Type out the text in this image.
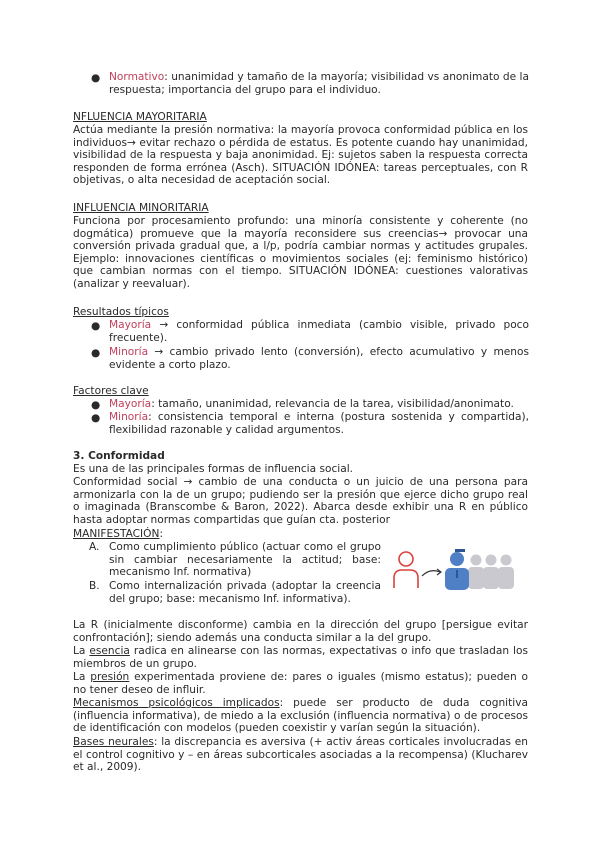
● Normativo: unanimidad y tamaño de la mayoría; visibilidad vs anonimato de la respuesta; importancia del grupo para el individuo.
NFLUENCIA MAYORITARIA
Actúa mediante la presión normativa: la mayoría provoca conformidad pública en los individuos→ evitar rechazo o pérdida de estatus. Es potente cuando hay unanimidad, visibilidad de la respuesta y baja anonimidad. Ej: sujetos saben la respuesta correcta responden de forma errónea (Asch). SITUACIÓN IDÓNEA: tareas perceptuales, con R objetivas, o alta necesidad de aceptación social.
INFLUENCIA MINORITARIA
Funciona por procesamiento profundo: una minoría consistente y coherente (no dogmática) promueve que la mayoría reconsidere sus creencias→ provocar una conversión privada gradual que, a l/p, podría cambiar normas y actitudes grupales. Ejemplo: innovaciones científicas o movimientos sociales (ej: feminismo histórico) que cambian normas con el tiempo. SITUACIÓN IDÓNEA: cuestiones valorativas (analizar y reevaluar).
Resultados típicos
● Mayoría → conformidad pública inmediata (cambio visible, privado poco frecuente).
● Minoría → cambio privado lento (conversión), efecto acumulativo y menos evidente a corto plazo.
Factores clave
● Mayoría: tamaño, unanimidad, relevancia de la tarea, visibilidad/anonimato.
● Minoría: consistencia temporal e interna (postura sostenida y compartida), flexibilidad razonable y calidad argumentos.
3. Conformidad
Es una de las principales formas de influencia social.
Conformidad social → cambio de una conducta o un juicio de una persona para armonizarla con la de un grupo; pudiendo ser la presión que ejerce dicho grupo real o imaginada (Branscombe & Baron, 2022). Abarca desde exhibir una R en público hasta adoptar normas compartidas que guían cta. posterior
MANIFESTACIÓN:
A. Como cumplimiento público (actuar como el grupo sin cambiar necesariamente la actitud; base: mecanismo Inf. normativa)
B. Como internalización privada (adoptar la creencia del grupo; base: mecanismo Inf. informativa).
La R (inicialmente disconforme) cambia en la dirección del grupo [persigue evitar confrontación]; siendo además una conducta similar a la del grupo.
La esencia radica en alinearse con las normas, expectativas o info que trasladan los miembros de un grupo.
La presión experimentada proviene de: pares o iguales (mismo estatus); pueden o no tener deseo de influir.
Mecanismos psicológicos implicados: puede ser producto de duda cognitiva (influencia informativa), de miedo a la exclusión (influencia normativa) o de procesos de identificación con modelos (pueden coexistir y varían según la situación).
Bases neurales: la discrepancia es aversiva (+ activ áreas corticales involucradas en el control cognitivo y – en áreas subcorticales asociadas a la recompensa) (Klucharev et al., 2009).
